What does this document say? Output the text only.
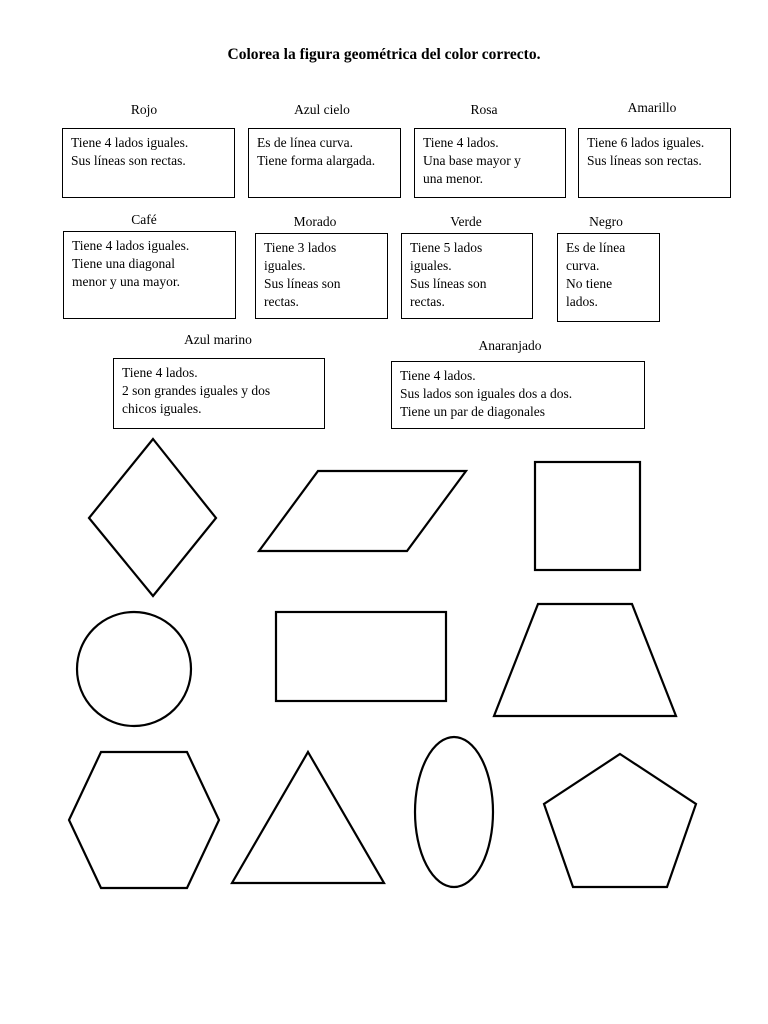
Colorea la figura geométrica del color correcto.
Rojo
Tiene 4 lados iguales.
Sus líneas son rectas.
Azul cielo
Es de línea curva.
Tiene forma alargada.
Rosa
Tiene 4 lados.
Una base mayor y
una menor.
Amarillo
Tiene 6 lados iguales.
Sus líneas son rectas.
Café
Tiene 4 lados iguales.
Tiene una diagonal
menor y una mayor.
Morado
Tiene 3 lados
iguales.
Sus líneas son
rectas.
Verde
Tiene 5 lados
iguales.
Sus líneas son
rectas.
Negro
Es de línea
curva.
No tiene
lados.
Azul marino
Tiene 4 lados.
2 son grandes iguales y dos
chicos iguales.
Anaranjado
Tiene 4 lados.
Sus lados son iguales dos a dos.
Tiene un par de diagonales
